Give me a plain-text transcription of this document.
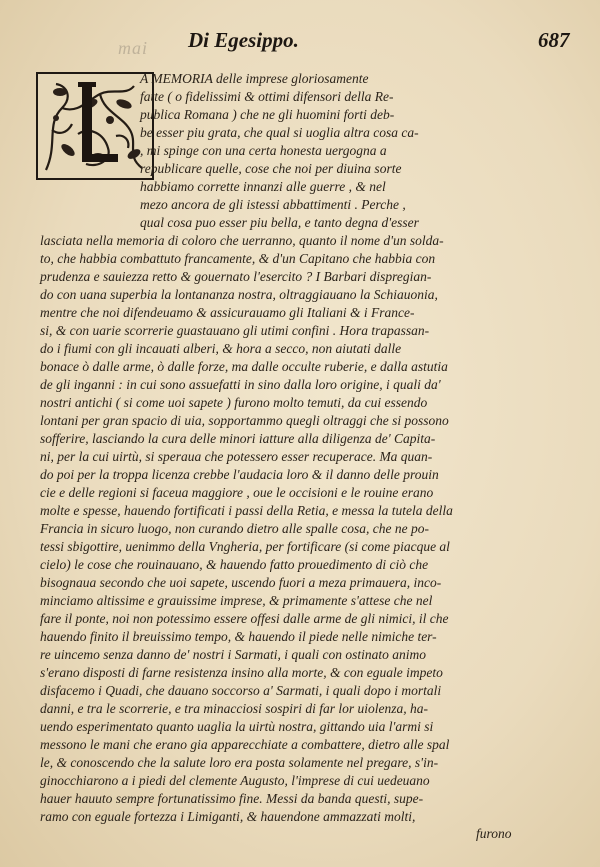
mai Di Egesippo.	687
A MEMORIA delle imprese gloriosamente
fatte ( o fidelissimi & ottimi difensori della Re-
publica Romana ) che ne gli huomini forti deb-
be esser piu grata, che qual si uoglia altra cosa ca-
, mi spinge con una certa honesta uergogna a
republicare quelle, cose che noi per diuina sorte
habbiamo corrette innanzi alle guerre , & nel
mezo ancora de gli istessi abbattimenti . Perche ,
qual cosa puo esser piu bella, e tanto degna d'esser
lasciata nella memoria di coloro che uerranno, quanto il nome d'un solda-
to, che habbia combattuto francamente, & d'un Capitano che habbia con
prudenza e sauiezza retto & gouernato l'esercito ? I Barbari dispregian-
do con uana superbia la lontananza nostra, oltraggiauano la Schiauonia,
mentre che noi difendeuamo & assicurauamo gli Italiani & i France-
si, & con uarie scorrerie guastauano gli utimi confini . Hora trapassan-
do i fiumi con gli incauati alberi, & hora a secco, non aiutati dalle
bonace ò dalle arme, ò dalle forze, ma dalle occulte ruberie, e dalla astutia
de gli inganni : in cui sono assuefatti in sino dalla loro origine, i quali da'
nostri antichi ( si come uoi sapete ) furono molto temuti, da cui essendo
lontani per gran spacio di uia, sopportammo quegli oltraggi che si possono
sofferire, lasciando la cura delle minori iatture alla diligenza de' Capita-
ni, per la cui uirtù, si speraua che potessero esser recuperace. Ma quan-
do poi per la troppa licenza crebbe l'audacia loro & il danno delle prouin
cie e delle regioni si faceua maggiore , oue le occisioni e le rouine erano
molte e spesse, hauendo fortificati i passi della Retia, e messa la tutela della
Francia in sicuro luogo, non curando dietro alle spalle cosa, che ne po-
tessi sbigottire, uenimmo della Vngheria, per fortificare (si come piacque al
cielo) le cose che rouinauano, & hauendo fatto prouedimento di ciò che
bisognaua secondo che uoi sapete, uscendo fuori a meza primauera, inco-
minciamo altissime e grauissime imprese, & primamente s'attese che nel
fare il ponte, noi non potessimo essere offesi dalle arme de gli nimici, il che
hauendo finito il breuissimo tempo, & hauendo il piede nelle nimiche ter-
re uincemo senza danno de' nostri i Sarmati, i quali con ostinato animo
s'erano disposti di farne resistenza insino alla morte, & con eguale impeto
disfacemo i Quadi, che dauano soccorso a' Sarmati, i quali dopo i mortali
danni, e tra le scorrerie, e tra minacciosi sospiri di far lor uiolenza, ha-
uendo esperimentato quanto uaglia la uirtù nostra, gittando uia l'armi si
messono le mani che erano gia apparecchiate a combattere, dietro alle spal
le, & conoscendo che la salute loro era posta solamente nel pregare, s'in-
ginocchiarono a i piedi del clemente Augusto, l'imprese di cui uedeuano
hauer hauuto sempre fortunatissimo fine. Messi da banda questi, supe-
ramo con eguale fortezza i Limiganti, & hauendone ammazzati molti,
furono
